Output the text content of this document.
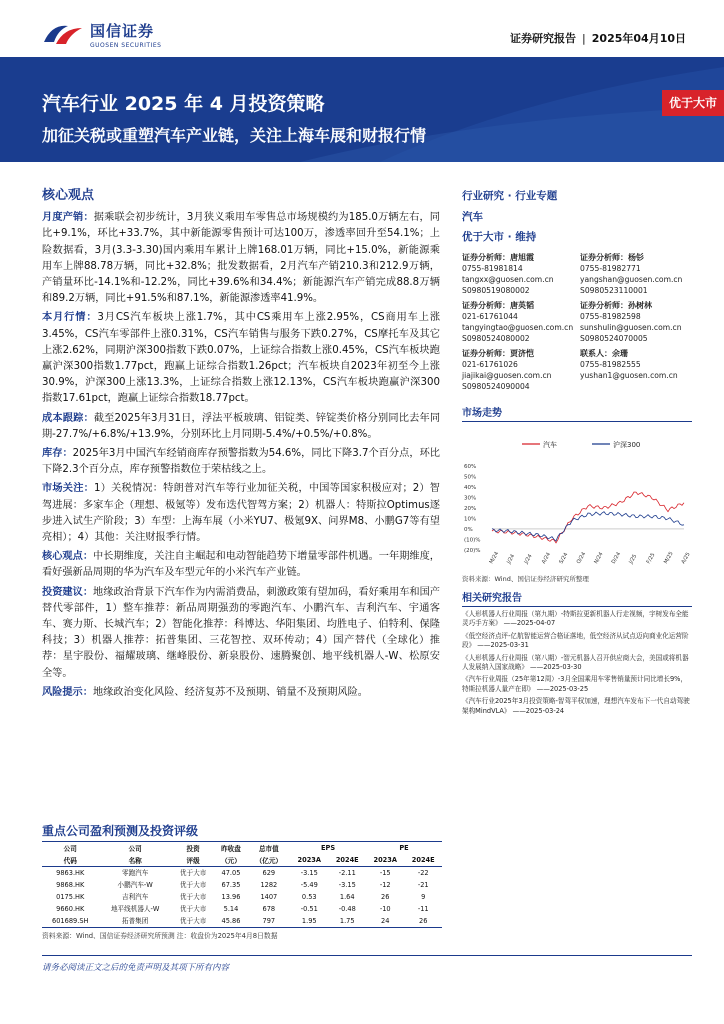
国信证券
GUOSEN SECURITIES	证券研究报告 | 2025年04月10日
汽车行业 2025 年 4 月投资策略
加征关税或重塑汽车产业链，关注上海车展和财报行情
优于大市
核心观点
月度产销：据乘联会初步统计，3月狭义乘用车零售总市场规模约为185.0万辆左右，同比+9.1%，环比+33.7%，其中新能源零售预计可达100万，渗透率回升至54.1%；上险数据看，3月(3.3-3.30)国内乘用车累计上牌168.01万辆，同比+15.0%，新能源乘用车上牌88.78万辆，同比+32.8%；批发数据看，2月汽车产销210.3和212.9万辆，产销量环比-14.1%和-12.2%，同比+39.6%和34.4%；新能源汽车产销完成88.8万辆和89.2万辆，同比+91.5%和87.1%，新能源渗透率41.9%。
本月行情：3月CS汽车板块上涨1.7%，其中CS乘用车上涨2.95%，CS商用车上涨3.45%，CS汽车零部件上涨0.31%，CS汽车销售与服务下跌0.27%，CS摩托车及其它上涨2.62%，同期沪深300指数下跌0.07%，上证综合指数上涨0.45%，CS汽车板块跑赢沪深300指数1.77pct，跑赢上证综合指数1.26pct；汽车板块自2023年初至今上涨30.9%，沪深300上涨13.3%，上证综合指数上涨12.13%，CS汽车板块跑赢沪深300指数17.61pct，跑赢上证综合指数18.77pct。
成本跟踪：截至2025年3月31日，浮法平板玻璃、铝锭类、锌锭类价格分别同比去年同期-27.7%/+6.8%/+13.9%，分别环比上月同期-5.4%/+0.5%/+0.8%。
库存：2025年3月中国汽车经销商库存预警指数为54.6%，同比下降3.7个百分点，环比下降2.3个百分点，库存预警指数位于荣枯线之上。
市场关注：1）关税情况：特朗普对汽车等行业加征关税，中国等国家积极应对；2）智驾进展：多家车企（理想、极氪等）发布迭代智驾方案；2）机器人：特斯拉Optimus逐步进入试生产阶段；3）车型：上海车展（小米YU7、极氪9X、问界M8、小鹏G7等有望亮相）；4）其他：关注财报季行情。
核心观点：中长期维度，关注自主崛起和电动智能趋势下增量零部件机遇。一年期维度，看好强新品周期的华为汽车及车型元年的小米汽车产业链。
投资建议：地缘政治背景下汽车作为内需消费品，刺激政策有望加码，看好乘用车和国产替代零部件，1）整车推荐：新品周期强劲的零跑汽车、小鹏汽车、吉利汽车、宇通客车、赛力斯、长城汽车；2）智能化推荐：科博达、华阳集团、均胜电子、伯特利、保隆科技；3）机器人推荐：拓普集团、三花智控、双环传动；4）国产替代（全球化）推荐：星宇股份、福耀玻璃、继峰股份、新泉股份、速腾聚创、地平线机器人-W、松原安全等。
风险提示：地缘政治变化风险、经济复苏不及预期、销量不及预期风险。
行业研究 · 行业专题
汽车
优于大市 · 维持
证券分析师：唐旭霞
0755-81981814
tangxx@guosen.com.cn
S0980519080002
证券分析师：杨钐
0755-81982771
yangshan@guosen.com.cn
S0980523110001
证券分析师：唐英韬
021-61761044
tangyingtao@guosen.com.cn
S0980524080002
证券分析师：孙树林
0755-81982598
sunshulin@guosen.com.cn
S0980524070005
证券分析师：贾济恺
021-61761026
jiajikai@guosen.com.cn
S0980524090004
联系人：余珊
0755-81982555
yushan1@guosen.com.cn
市场走势
汽车	沪深300
60%
50%
40%
30%
20%
10%
0%
(10)%
(20)% M/24 J/24 J/24 A/24 S/24 O/24 N/24 D/24 J/25 F/25 M/25 A/25
资料来源：Wind、国信证券经济研究所整理
相关研究报告
《人形机器人行业周报（第九期）-特斯拉更新机器人行走视频，宇树发布全能灵巧手方案》 ——2025-04-07
《低空经济点评-亿航智能运营合格证落地，低空经济从试点迈向商业化运营阶段》 ——2025-03-31
《人形机器人行业周报（第八期）-智元机器人召开供应商大会，美国或将机器人发展纳入国家战略》 ——2025-03-30
《汽车行业周报（25年第12周）-3月全国乘用车零售销量预计同比增长9%，特斯拉机器人量产在即》 ——2025-03-25
《汽车行业2025年3月投资策略-智驾平权加速，理想汽车发布下一代自动驾驶架构MindVLA》 ——2025-03-24
重点公司盈利预测及投资评级
公司	公司	投资	昨收盘	总市值	EPS		PE	
代码	名称	评级	（元）	（亿元）	2023A	2024E	2023A	2024E
9863.HK	零跑汽车	优于大市	47.05	629	-3.15	-2.11	-15	-22
9868.HK	小鹏汽车-W	优于大市	67.35	1282	-5.49	-3.15	-12	-21
0175.HK	吉利汽车	优于大市	13.96	1407	0.53	1.64	26	9
9660.HK	地平线机器人-W	优于大市	5.14	678	-0.51	-0.48	-10	-11
601689.SH	拓普集团	优于大市	45.86	797	1.95	1.75	24	26
资料来源：Wind、国信证券经济研究所预测 注：收盘价为2025年4月8日数据
请务必阅读正文之后的免责声明及其项下所有内容
